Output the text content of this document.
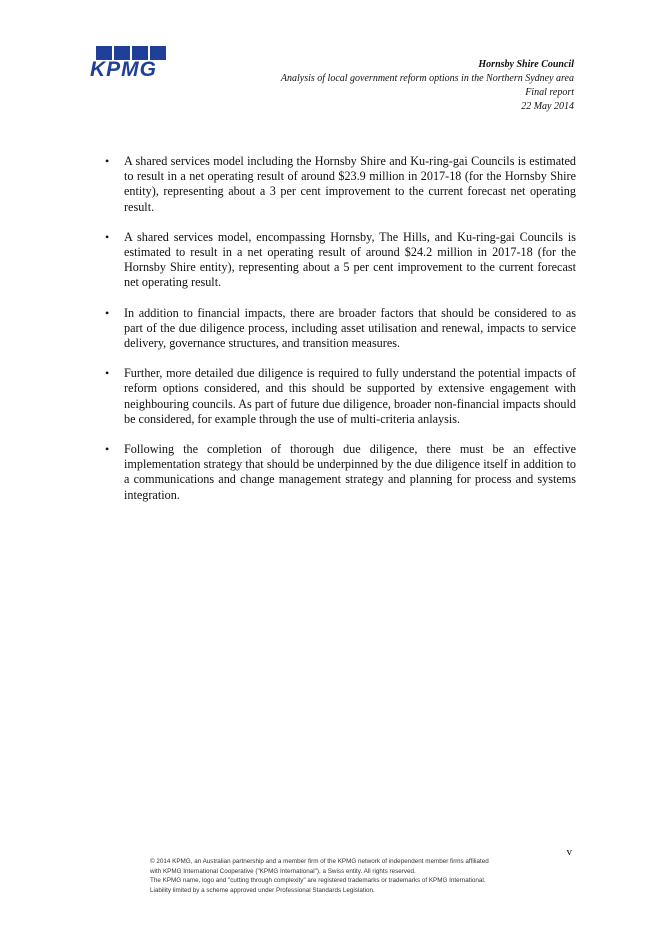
KPMG	Hornsby Shire Council
Analysis of local government reform options in the Northern Sydney area
Final report
22 May 2014
• A shared services model including the Hornsby Shire and Ku-ring-gai Councils is estimated to result in a net operating result of around $23.9 million in 2017-18 (for the Hornsby Shire entity), representing about a 3 per cent improvement to the current forecast net operating result.
• A shared services model, encompassing Hornsby, The Hills, and Ku-ring-gai Councils is estimated to result in a net operating result of around $24.2 million in 2017-18 (for the Hornsby Shire entity), representing about a 5 per cent improvement to the current forecast net operating result.
• In addition to financial impacts, there are broader factors that should be considered to as part of the due diligence process, including asset utilisation and renewal, impacts to service delivery, governance structures, and transition measures.
• Further, more detailed due diligence is required to fully understand the potential impacts of reform options considered, and this should be supported by extensive engagement with neighbouring councils. As part of future due diligence, broader non-financial impacts should be considered, for example through the use of multi-criteria anlaysis.
• Following the completion of thorough due diligence, there must be an effective implementation strategy that should be underpinned by the due diligence itself in addition to a communications and change management strategy and planning for process and systems integration.
v
© 2014 KPMG, an Australian partnership and a member firm of the KPMG network of independent member firms affiliated
with KPMG International Cooperative ("KPMG International"), a Swiss entity. All rights reserved.
The KPMG name, logo and "cutting through complexity" are registered trademarks or trademarks of KPMG International.
Liability limited by a scheme approved under Professional Standards Legislation.
